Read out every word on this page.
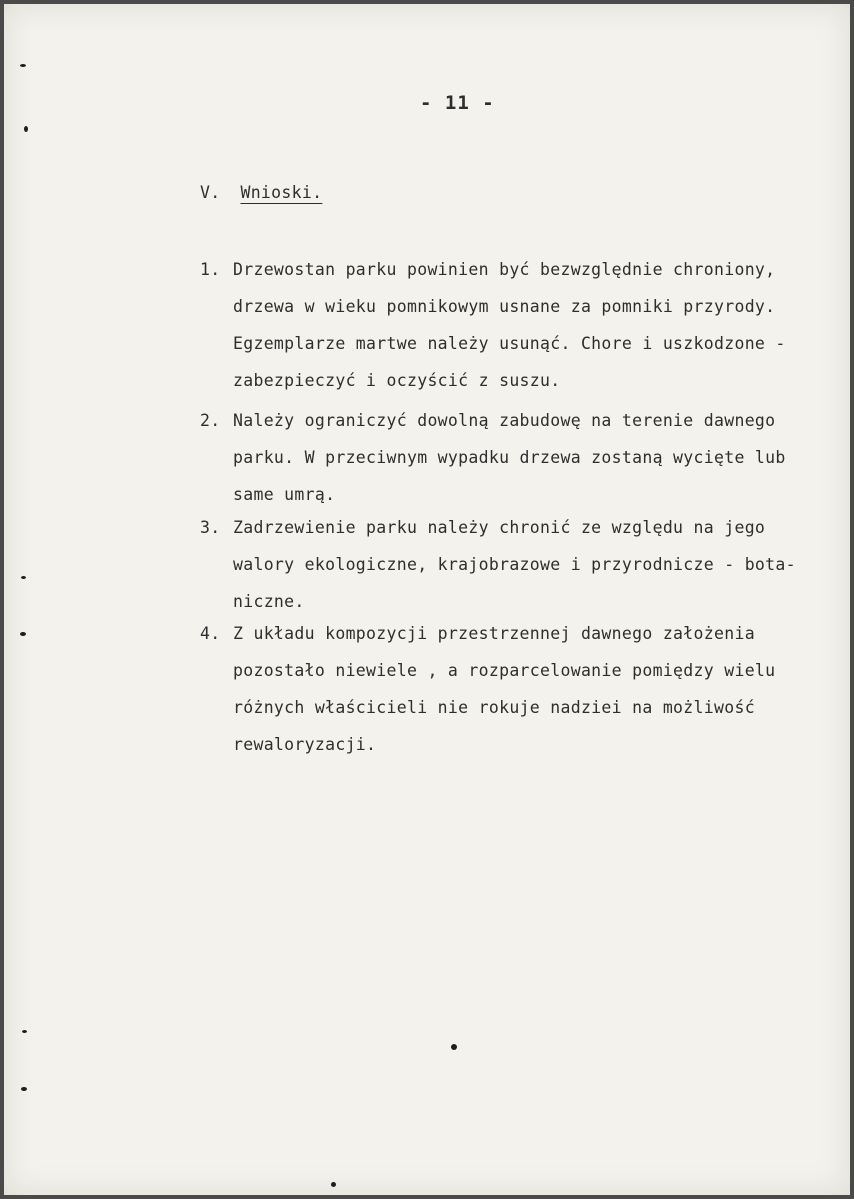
- 11 -
V. Wnioski.

1.

Drzewostan parku powinien być bezwzględnie chroniony,

drzewa w wieku pomnikowym usnane za pomniki przyrody.

Egzemplarze martwe należy usunąć. Chore i uszkodzone -

zabezpieczyć i oczyścić z suszu.

2.

Należy ograniczyć dowolną zabudowę na terenie dawnego

parku. W przeciwnym wypadku drzewa zostaną wycięte lub

same umrą.

3.

Zadrzewienie parku należy chronić ze względu na jego

walory ekologiczne, krajobrazowe i przyrodnicze - bota-

niczne.

4.

Z układu kompozycji przestrzennej dawnego założenia

pozostało niewiele , a rozparcelowanie pomiędzy wielu

różnych właścicieli nie rokuje nadziei na możliwość

rewaloryzacji.
